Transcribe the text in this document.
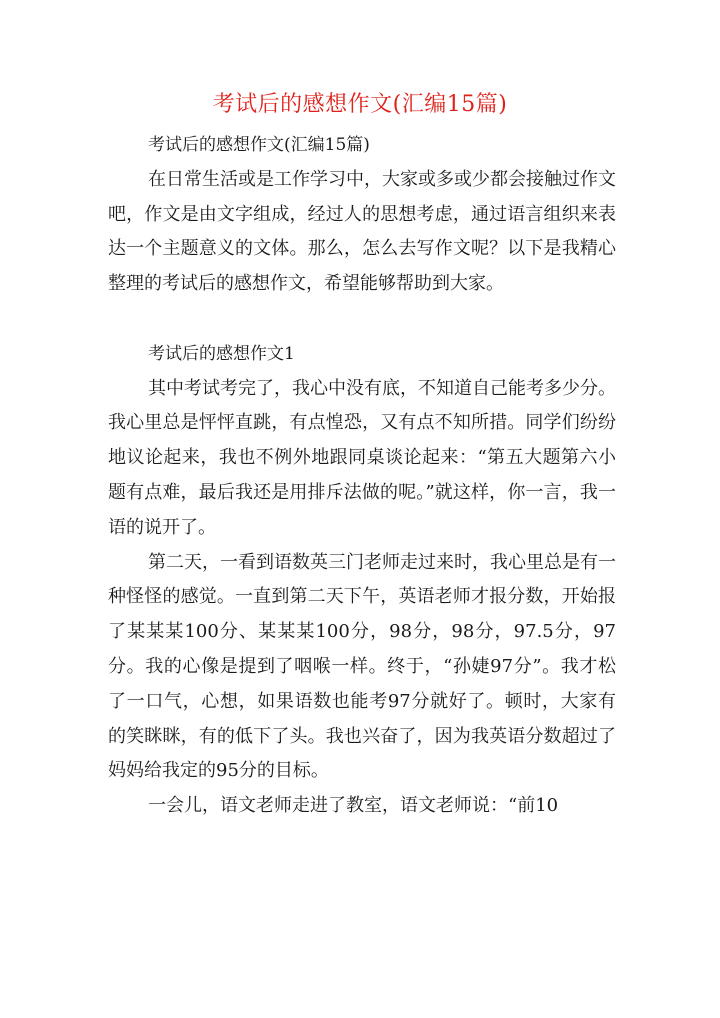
考试后的感想作文(汇编15篇)

考试后的感想作文(汇编15篇)

在日常生活或是工作学习中，大家或多或少都会接触过作文吧，作文是由文字组成，经过人的思想考虑，通过语言组织来表达一个主题意义的文体。那么，怎么去写作文呢？以下是我精心整理的考试后的感想作文，希望能够帮助到大家。

考试后的感想作文1

其中考试考完了，我心中没有底，不知道自己能考多少分。我心里总是怦怦直跳，有点惶恐，又有点不知所措。同学们纷纷地议论起来，我也不例外地跟同桌谈论起来：“第五大题第六小题有点难，最后我还是用排斥法做的呢。”就这样，你一言，我一语的说开了。

第二天，一看到语数英三门老师走过来时，我心里总是有一种怪怪的感觉。一直到第二天下午，英语老师才报分数，开始报了某某某100分、某某某100分，98分，98分，97.5分，97分。我的心像是提到了咽喉一样。终于，“孙婕97分”。我才松了一口气，心想，如果语数也能考97分就好了。顿时，大家有的笑眯眯，有的低下了头。我也兴奋了，因为我英语分数超过了妈妈给我定的95分的目标。

一会儿，语文老师走进了教室，语文老师说：“前10
